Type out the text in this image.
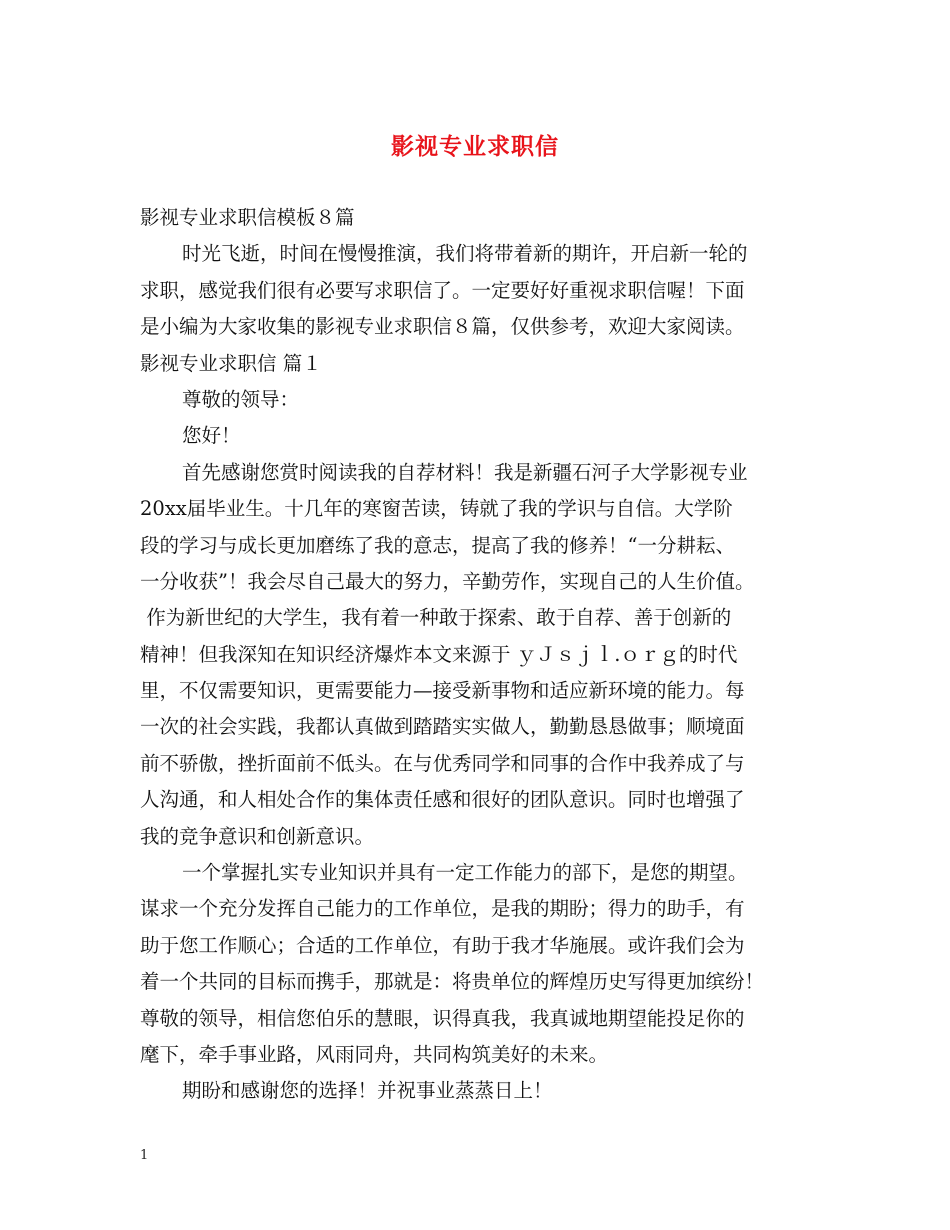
影视专业求职信
影视专业求职信模板８篇
时光飞逝，时间在慢慢推演，我们将带着新的期许，开启新一轮的
求职，感觉我们很有必要写求职信了。一定要好好重视求职信喔！下面
是小编为大家收集的影视专业求职信８篇，仅供参考，欢迎大家阅读。
影视专业求职信 篇１
尊敬的领导：
您好！
首先感谢您赏时阅读我的自荐材料！我是新疆石河子大学影视专业
20xx届毕业生。十几年的寒窗苦读，铸就了我的学识与自信。大学阶
段的学习与成长更加磨练了我的意志，提高了我的修养！“一分耕耘、
一分收获”！我会尽自己最大的努力，辛勤劳作，实现自己的人生价值。
作为新世纪的大学生，我有着一种敢于探索、敢于自荐、善于创新的
精神！但我深知在知识经济爆炸本文来源于 ｙＪｓｊｌ.ｏｒｇ的时代
里，不仅需要知识，更需要能力—接受新事物和适应新环境的能力。每
一次的社会实践，我都认真做到踏踏实实做人，勤勤恳恳做事；顺境面
前不骄傲，挫折面前不低头。在与优秀同学和同事的合作中我养成了与
人沟通，和人相处合作的集体责任感和很好的团队意识。同时也增强了
我的竞争意识和创新意识。
一个掌握扎实专业知识并具有一定工作能力的部下，是您的期望。
谋求一个充分发挥自己能力的工作单位，是我的期盼；得力的助手，有
助于您工作顺心；合适的工作单位，有助于我才华施展。或许我们会为
着一个共同的目标而携手，那就是：将贵单位的辉煌历史写得更加缤纷！
尊敬的领导，相信您伯乐的慧眼，识得真我，我真诚地期望能投足你的
麾下，牵手事业路，风雨同舟，共同构筑美好的未来。
期盼和感谢您的选择！并祝事业蒸蒸日上！
1
